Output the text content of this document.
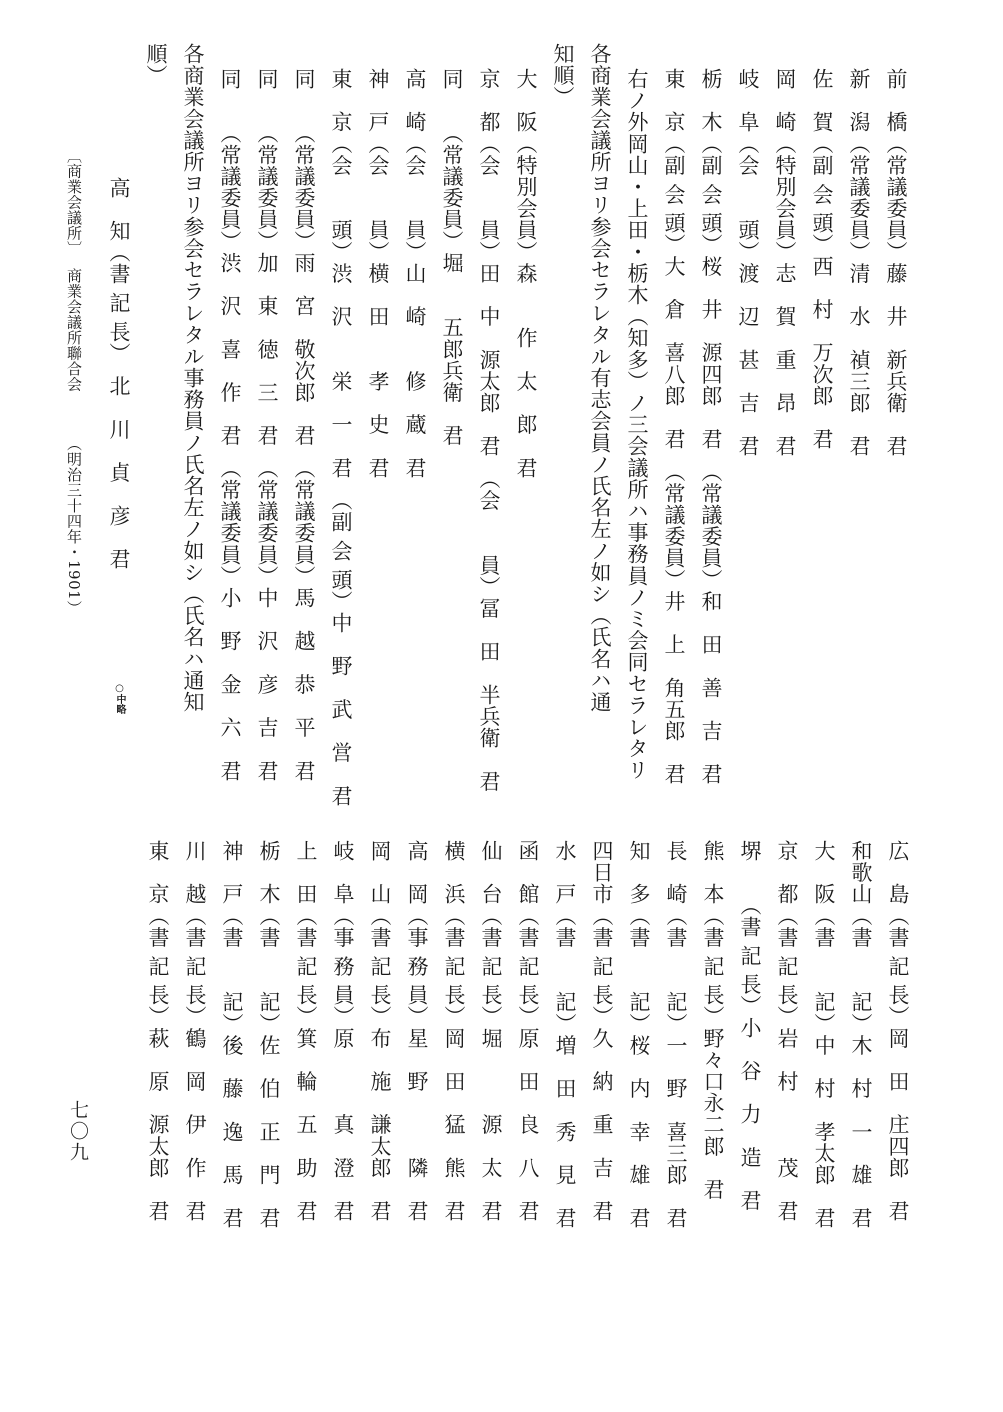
前　橋（常議委員）藤　井　新兵衛　君
新　潟（常議委員）清　水　禎三郎　君
佐　賀（副 会 頭）西　村　万次郎　君
岡　崎（特別会員）志　賀　重　昂　君
岐　阜（会　　頭）渡　辺　甚　吉　君
栃　木（副 会 頭）桜　井　源四郎　君　（常議委員）和　田　善　吉　君
東　京（副 会 頭）大　倉　喜八郎　君　（常議委員）井　上　角五郎　君
右ノ外岡山・上田・栃木（知多）ノ三会議所ハ事務員ノミ会同セラレタリ
各商業会議所ヨリ参会セラレタル有志会員ノ氏名左ノ如シ（氏名ハ通
知順）
大　阪（特別会員）森　　作　太　郎　君
京　都（会　　員）田　中　源太郎　君　（会　　員）冨　田　半兵衛　君
同　　（常議委員）堀　　五郎兵衛　君
高　崎（会　　員）山　崎　　修　蔵　君
神　戸（会　　員）横　田　　孝　史　君
東　京（会　　頭）渋　沢　　栄　一　君　（副 会 頭）中　野　武　営　君
同　　（常議委員）雨　宮　敬次郎　君　（常議委員）馬　越　恭　平　君
同　　（常議委員）加　東　徳　三　君　（常議委員）中　沢　彦　吉　君
同　　（常議委員）渋　沢　喜　作　君　（常議委員）小　野　金　六　君
各商業会議所ヨリ参会セラレタル事務員ノ氏名左ノ如シ（氏名ハ通知
順）
　　　高　知（書 記 長）　北　川　貞　彦　君
○中略
〔商業会議所〕
商業会議所聯合会
（明治三十四年・1901）
広　島（書 記 長）岡　田　庄四郎　君
和歌山（書　　記）木　村　一　雄　君
大　阪（書　　記）中　村　孝太郎　君
京　都（書 記 長）岩　村　　　茂　君
堺　　（書 記 長）小　谷　力　造　君
熊　本（書 記 長）野々口永二郎　君
長　崎（書　　記）一　野　喜三郎　君
知　多（書　　記）桜　内　幸　雄　君
四日市（書 記 長）久　納　重　吉　君
水　戸（書　　記）増　田　秀　見　君
函　館（書 記 長）原　田　良　八　君
仙　台（書 記 長）堀　　　源　太　君
横　浜（書 記 長）岡　田　猛　熊　君
高　岡（事 務 員）星　野　　　隣　君
岡　山（書 記 長）布　施　謙太郎　君
岐　阜（事 務 員）原　　　真　澄　君
上　田（書 記 長）箕　輪　五　助　君
栃　木（書　　記）佐　伯　正　門　君
神　戸（書　　記）後　藤　逸　馬　君
川　越（書 記 長）鶴　岡　伊　作　君
東　京（書 記 長）萩　原　源太郎　君
七〇九
